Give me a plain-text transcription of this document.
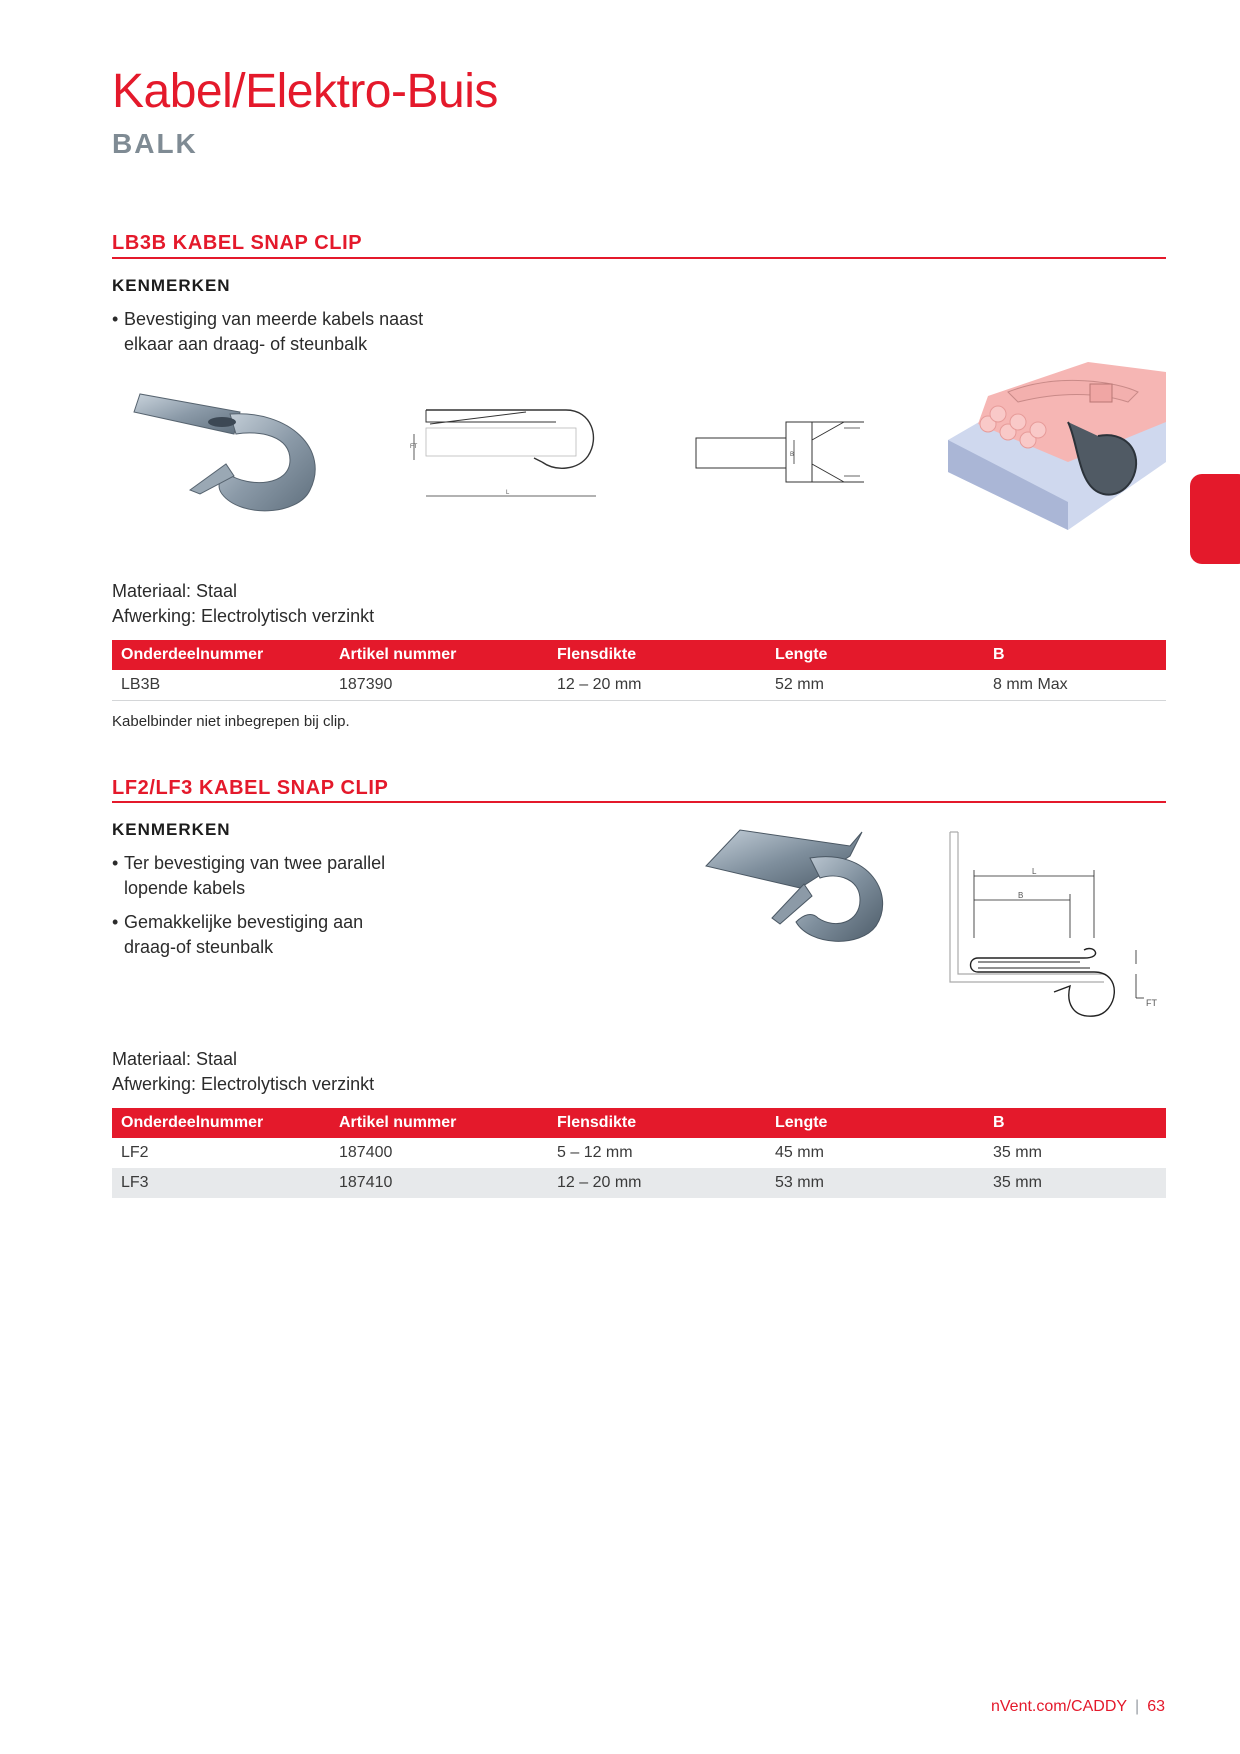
Kabel/Elektro-Buis
BALK
LB3B KABEL SNAP CLIP
KENMERKEN
• Bevestiging van meerde kabels naast elkaar aan draag- of steunbalk
FT
L
B
Materiaal: Staal
Afwerking: Electrolytisch verzinkt
Onderdeelnummer	Artikel nummer	Flensdikte	Lengte	B
LB3B	187390	12 – 20 mm	52 mm	8 mm Max
Kabelbinder niet inbegrepen bij clip.
LF2/LF3 KABEL SNAP CLIP
KENMERKEN
• Ter bevestiging van twee parallel lopende kabels
• Gemakkelijke bevestiging aan draag-of steunbalk
L
B
FT
Materiaal: Staal
Afwerking: Electrolytisch verzinkt
Onderdeelnummer	Artikel nummer	Flensdikte	Lengte	B
LF2	187400	5 – 12 mm	45 mm	35 mm
LF3	187410	12 – 20 mm	53 mm	35 mm
nVent.com/CADDY | 63
